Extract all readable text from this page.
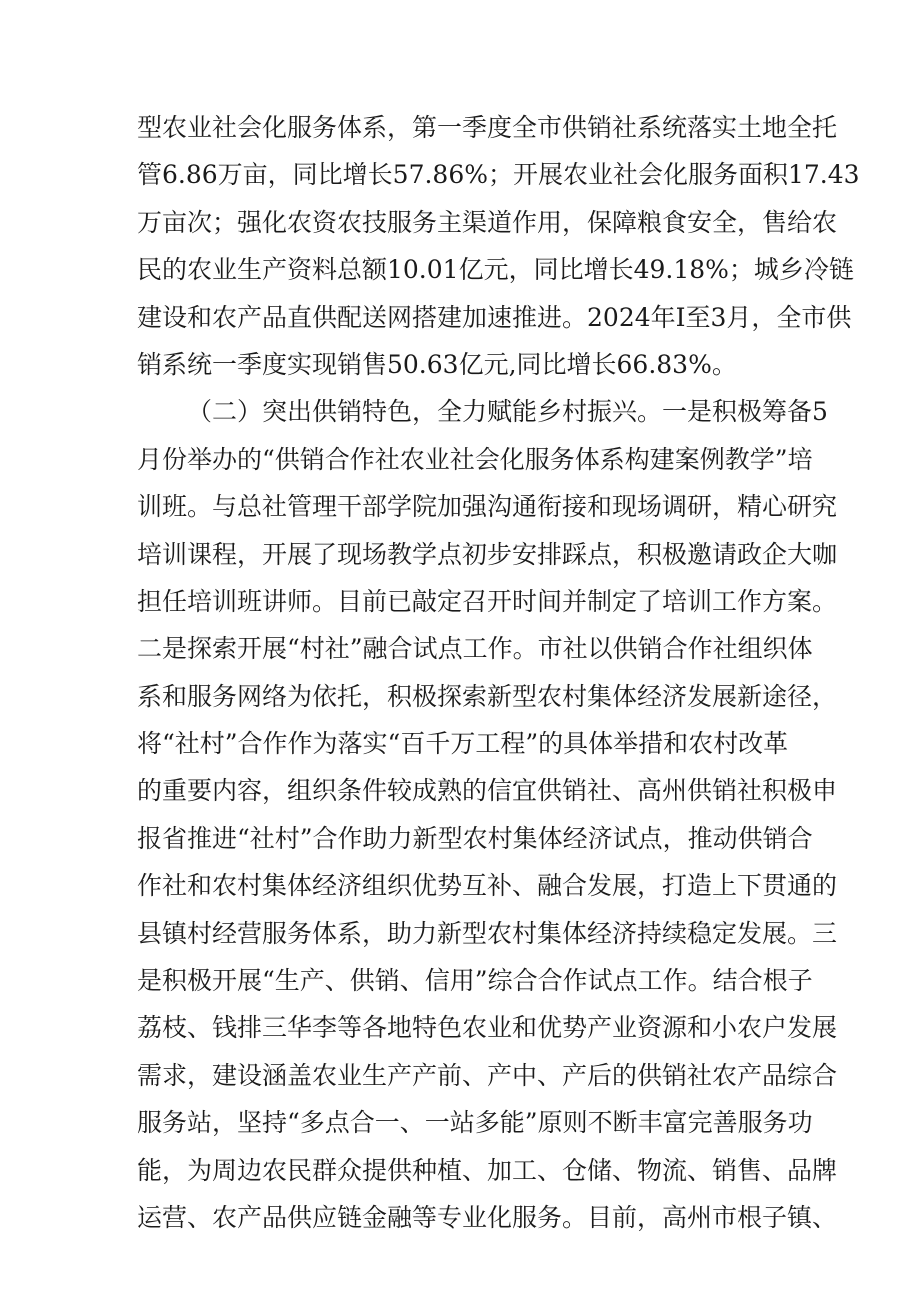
型农业社会化服务体系，第一季度全市供销社系统落实土地全托
管6.86万亩，同比增长57.86%；开展农业社会化服务面积17.43
万亩次；强化农资农技服务主渠道作用，保障粮食安全，售给农
民的农业生产资料总额10.01亿元，同比增长49.18%；城乡冷链
建设和农产品直供配送网搭建加速推进。2024年I至3月，全市供
销系统一季度实现销售50.63亿元,同比增长66.83%。
（二）突出供销特色，全力赋能乡村振兴。一是积极筹备5
月份举办的“供销合作社农业社会化服务体系构建案例教学”培
训班。与总社管理干部学院加强沟通衔接和现场调研，精心研究
培训课程，开展了现场教学点初步安排踩点，积极邀请政企大咖
担任培训班讲师。目前已敲定召开时间并制定了培训工作方案。
二是探索开展“村社”融合试点工作。市社以供销合作社组织体
系和服务网络为依托，积极探索新型农村集体经济发展新途径，
将“社村”合作作为落实“百千万工程”的具体举措和农村改革
的重要内容，组织条件较成熟的信宜供销社、高州供销社积极申
报省推进“社村”合作助力新型农村集体经济试点，推动供销合
作社和农村集体经济组织优势互补、融合发展，打造上下贯通的
县镇村经营服务体系，助力新型农村集体经济持续稳定发展。三
是积极开展“生产、供销、信用”综合合作试点工作。结合根子
荔枝、钱排三华李等各地特色农业和优势产业资源和小农户发展
需求，建设涵盖农业生产产前、产中、产后的供销社农产品综合
服务站，坚持“多点合一、一站多能”原则不断丰富完善服务功
能，为周边农民群众提供种植、加工、仓储、物流、销售、品牌
运营、农产品供应链金融等专业化服务。目前，高州市根子镇、
